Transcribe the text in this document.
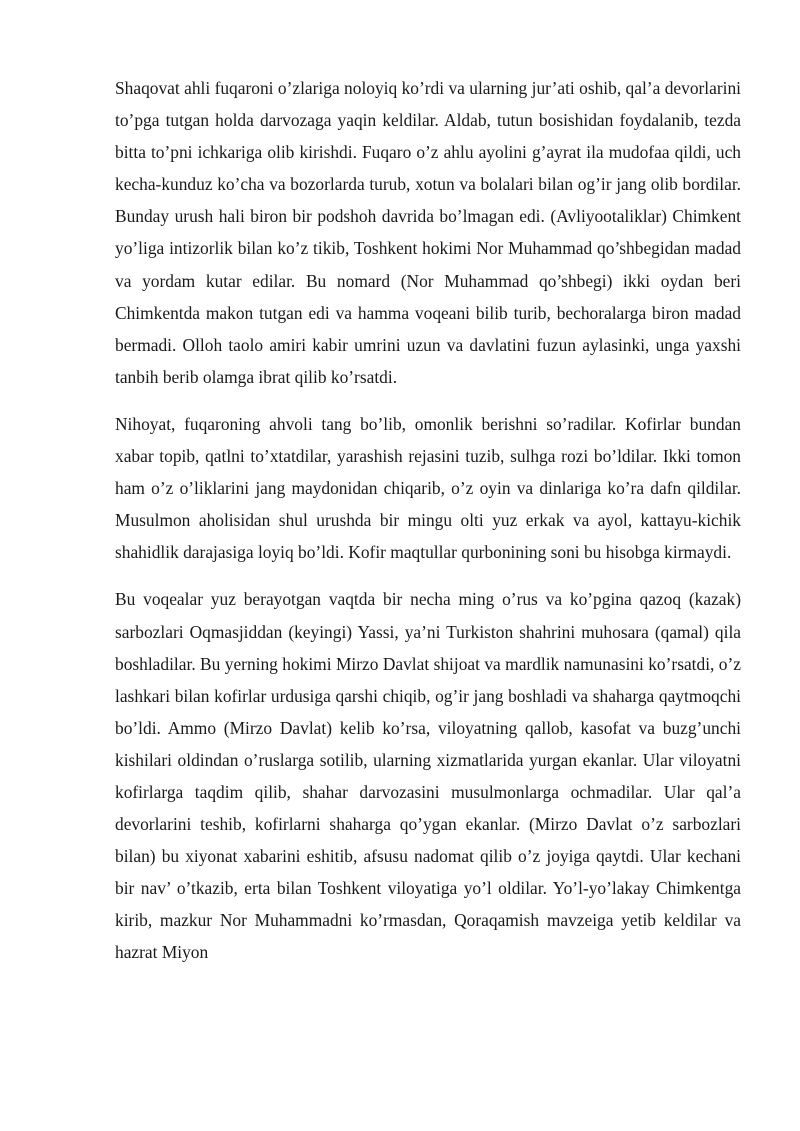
Shaqovat ahli fuqaroni o’zlariga noloyiq ko’rdi va ularning jur’ati oshib, qal’a devorlarini to’pga tutgan holda darvozaga yaqin keldilar. Aldab, tutun bosishidan foydalanib, tezda bitta to’pni ichkariga olib kirishdi. Fuqaro o’z ahlu ayolini g’ayrat ila mudofaa qildi, uch kecha-kunduz ko’cha va bozorlarda turub, xotun va bolalari bilan og’ir jang olib bordilar. Bunday urush hali biron bir podshoh davrida bo’lmagan edi. (Avliyootaliklar) Chimkent yo’liga intizorlik bilan ko’z tikib, Toshkent hokimi Nor Muhammad qo’shbegidan madad va yordam kutar edilar. Bu nomard (Nor Muhammad qo’shbegi) ikki oydan beri Chimkentda makon tutgan edi va hamma voqeani bilib turib, bechoralarga biron madad bermadi. Olloh taolo amiri kabir umrini uzun va davlatini fuzun aylasinki, unga yaxshi tanbih berib olamga ibrat qilib ko’rsatdi.

Nihoyat, fuqaroning ahvoli tang bo’lib, omonlik berishni so’radilar. Kofirlar bundan xabar topib, qatlni to’xtatdilar, yarashish rejasini tuzib, sulhga rozi bo’ldilar. Ikki tomon ham o’z o’liklarini jang maydonidan chiqarib, o’z oyin va dinlariga ko’ra dafn qildilar. Musulmon aholisidan shul urushda bir mingu olti yuz erkak va ayol, kattayu-kichik shahidlik darajasiga loyiq bo’ldi. Kofir maqtullar qurbonining soni bu hisobga kirmaydi.

Bu voqealar yuz berayotgan vaqtda bir necha ming o’rus va ko’pgina qazoq (kazak) sarbozlari Oqmasjiddan (keyingi) Yassi, ya’ni Turkiston shahrini muhosara (qamal) qila boshladilar. Bu yerning hokimi Mirzo Davlat shijoat va mardlik namunasini ko’rsatdi, o’z lashkari bilan kofirlar urdusiga qarshi chiqib, og’ir jang boshladi va shaharga qaytmoqchi bo’ldi. Ammo (Mirzo Davlat) kelib ko’rsa, viloyatning qallob, kasofat va buzg’unchi kishilari oldindan o’ruslarga sotilib, ularning xizmatlarida yurgan ekanlar. Ular viloyatni kofirlarga taqdim qilib, shahar darvozasini musulmonlarga ochmadilar. Ular qal’a devorlarini teshib, kofirlarni shaharga qo’ygan ekanlar. (Mirzo Davlat o’z sarbozlari bilan) bu xiyonat xabarini eshitib, afsusu nadomat qilib o’z joyiga qaytdi. Ular kechani bir nav’ o’tkazib, erta bilan Toshkent viloyatiga yo’l oldilar. Yo’l-yo’lakay Chimkentga kirib, mazkur Nor Muhammadni ko’rmasdan, Qoraqamish mavzeiga yetib keldilar va hazrat Miyon
